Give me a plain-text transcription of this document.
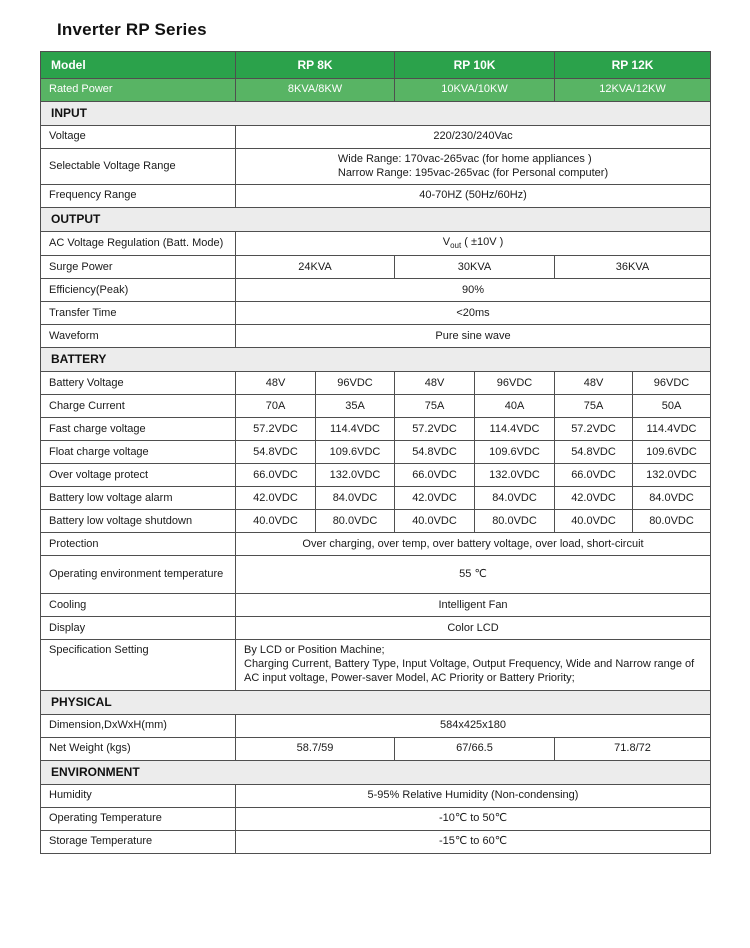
Inverter RP Series
Model	RP 8K		RP 10K		RP 12K	
Rated Power	8KVA/8KW		10KVA/10KW		12KVA/12KW	
INPUT						
Voltage	220/230/240Vac					
Selectable Voltage Range	Wide Range: 170vac-265vac (for home appliances )
Narrow Range: 195vac-265vac (for Personal computer)					
Frequency Range	40-70HZ (50Hz/60Hz)					
OUTPUT						
AC Voltage Regulation (Batt. Mode)	$V_{out}$ ( ±10V )					
Surge Power	24KVA		30KVA		36KVA	
Efficiency(Peak)	90%					
Transfer Time	<20ms					
Waveform	Pure sine wave					
BATTERY						
Battery Voltage	48V	96VDC	48V	96VDC	48V	96VDC
Charge Current	70A	35A	75A	40A	75A	50A
Fast charge voltage	57.2VDC	114.4VDC	57.2VDC	114.4VDC	57.2VDC	114.4VDC
Float charge voltage	54.8VDC	109.6VDC	54.8VDC	109.6VDC	54.8VDC	109.6VDC
Over voltage protect	66.0VDC	132.0VDC	66.0VDC	132.0VDC	66.0VDC	132.0VDC
Battery low voltage alarm	42.0VDC	84.0VDC	42.0VDC	84.0VDC	42.0VDC	84.0VDC
Battery low voltage shutdown	40.0VDC	80.0VDC	40.0VDC	80.0VDC	40.0VDC	80.0VDC
Protection	Over charging, over temp, over battery voltage, over load, short-circuit					
Operating environment temperature	55 ℃					
Cooling	Intelligent Fan					
Display	Color LCD					
Specification Setting	By LCD or Position Machine;
Charging Current, Battery Type, Input Voltage, Output Frequency, Wide and Narrow range of AC input voltage, Power-saver Model, AC Priority or Battery Priority;					

PHYSICAL						
Dimension,DxWxH(mm)	584x425x180					
Net Weight (kgs)	58.7/59		67/66.5		71.8/72	
ENVIRONMENT						
Humidity	5-95% Relative Humidity (Non-condensing)					
Operating Temperature	-10℃ to 50℃					
Storage Temperature	-15℃ to 60℃					
